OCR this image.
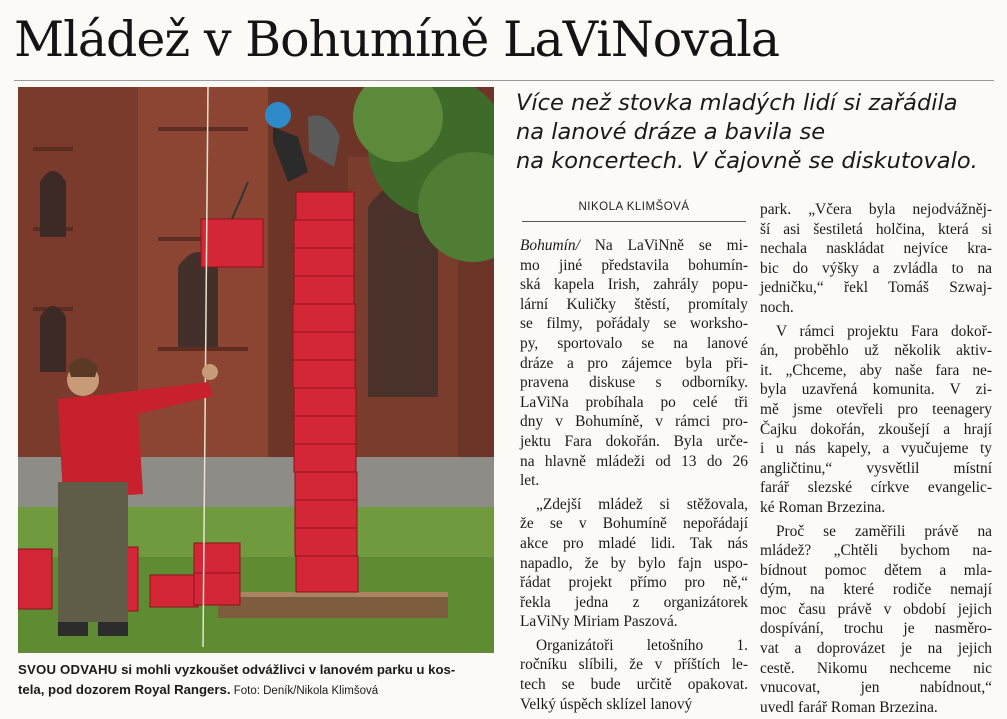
Mládež v Bohumíně LaViNovala
SVOU ODVAHU si mohli vyzkoušet odvážlivci v lanovém parku u kos-
tela, pod dozorem Royal Rangers. Foto: Deník/Nikola Klimšová
Více než stovka mladých lidí si zařádila
na lanové dráze a bavila se
na koncertech. V čajovně se diskutovalo.
NIKOLA KLIMŠOVÁ
Bohumín/ Na LaViNně se mi-
mo jiné představila bohumín-
ská kapela Irish, zahrály popu-
lární Kuličky štěstí, promítaly
se filmy, pořádaly se worksho-
py, sportovalo se na lanové
dráze a pro zájemce byla při-
pravena diskuse s odborníky.
LaViNa probíhala po celé tři
dny v Bohumíně, v rámci pro-
jektu Fara dokořán. Byla urče-
na hlavně mládeži od 13 do 26
let.
„Zdejší mládež si stěžovala,
že se v Bohumíně nepořádají
akce pro mladé lidi. Tak nás
napadlo, že by bylo fajn uspo-
řádat projekt přímo pro ně,“
řekla jedna z organizátorek
LaViNy Miriam Paszová.
Organizátoři letošního 1.
ročníku slíbili, že v příštích le-
tech se bude určitě opakovat.
Velký úspěch sklízel lanový
park. „Včera byla nejodvážněj-
ší asi šestiletá holčina, která si
nechala naskládat nejvíce kra-
bic do výšky a zvládla to na
jedničku,“ řekl Tomáš Szwaj-
noch.
V rámci projektu Fara dokoř-
án, proběhlo už několik aktiv-
it. „Chceme, aby naše fara ne-
byla uzavřená komunita. V zi-
mě jsme otevřeli pro teenagery
Čajku dokořán, zkoušejí a hrají
i u nás kapely, a vyučujeme ty
angličtinu,“ vysvětlil místní
farář slezské církve evangelic-
ké Roman Brzezina.
Proč se zaměřili právě na
mládež? „Chtěli bychom na-
bídnout pomoc dětem a mla-
dým, na které rodiče nemají
moc času právě v období jejich
dospívání, trochu je nasměro-
vat a doprovázet je na jejich
cestě. Nikomu nechceme nic
vnucovat, jen nabídnout,“
uvedl farář Roman Brzezina.
